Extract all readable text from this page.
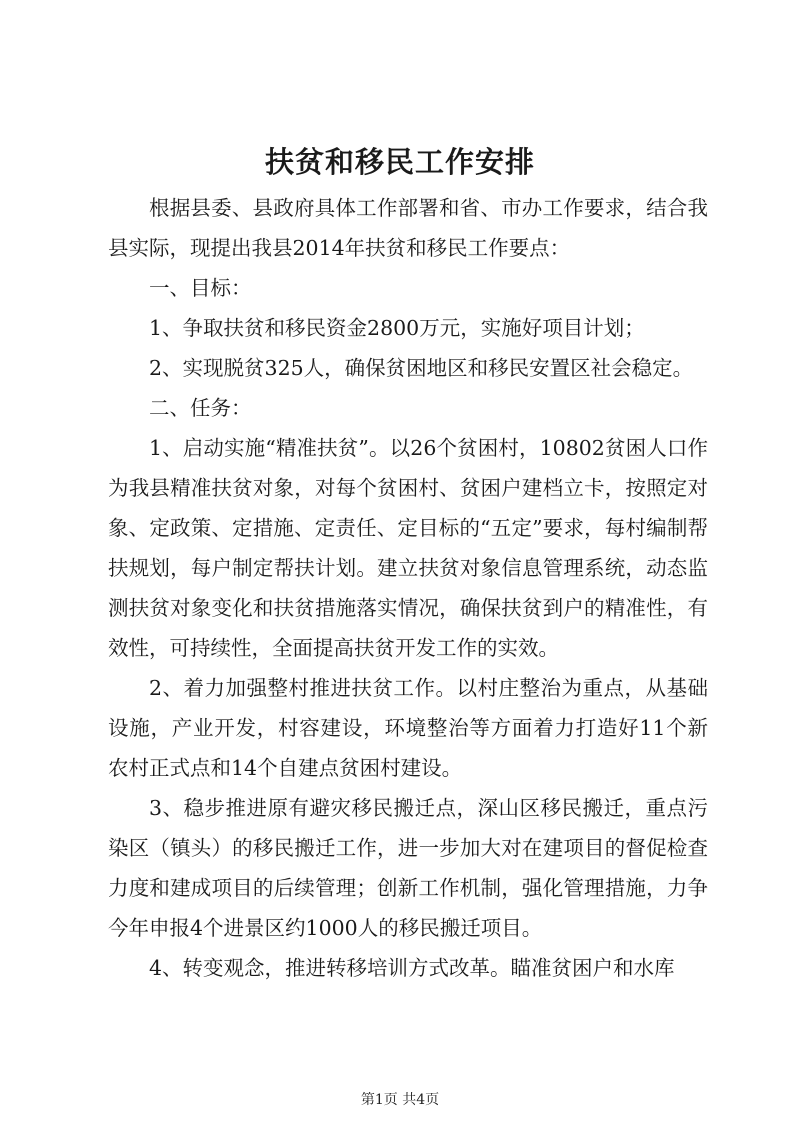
扶贫和移民工作安排

根据县委、县政府具体工作部署和省、市办工作要求，结合我县实际，现提出我县2014年扶贫和移民工作要点：

一、目标：

1、争取扶贫和移民资金2800万元，实施好项目计划；

2、实现脱贫325人，确保贫困地区和移民安置区社会稳定。

二、任务：

1、启动实施“精准扶贫”。以26个贫困村，10802贫困人口作为我县精准扶贫对象，对每个贫困村、贫困户建档立卡，按照定对象、定政策、定措施、定责任、定目标的“五定”要求，每村编制帮扶规划，每户制定帮扶计划。建立扶贫对象信息管理系统，动态监测扶贫对象变化和扶贫措施落实情况，确保扶贫到户的精准性，有效性，可持续性，全面提高扶贫开发工作的实效。

2、着力加强整村推进扶贫工作。以村庄整治为重点，从基础设施，产业开发，村容建设，环境整治等方面着力打造好11个新农村正式点和14个自建点贫困村建设。

3、稳步推进原有避灾移民搬迁点，深山区移民搬迁，重点污染区（镇头）的移民搬迁工作，进一步加大对在建项目的督促检查力度和建成项目的后续管理；创新工作机制，强化管理措施，力争今年申报4个进景区约1000人的移民搬迁项目。

4、转变观念，推进转移培训方式改革。瞄准贫困户和水库

第1页 共4页
